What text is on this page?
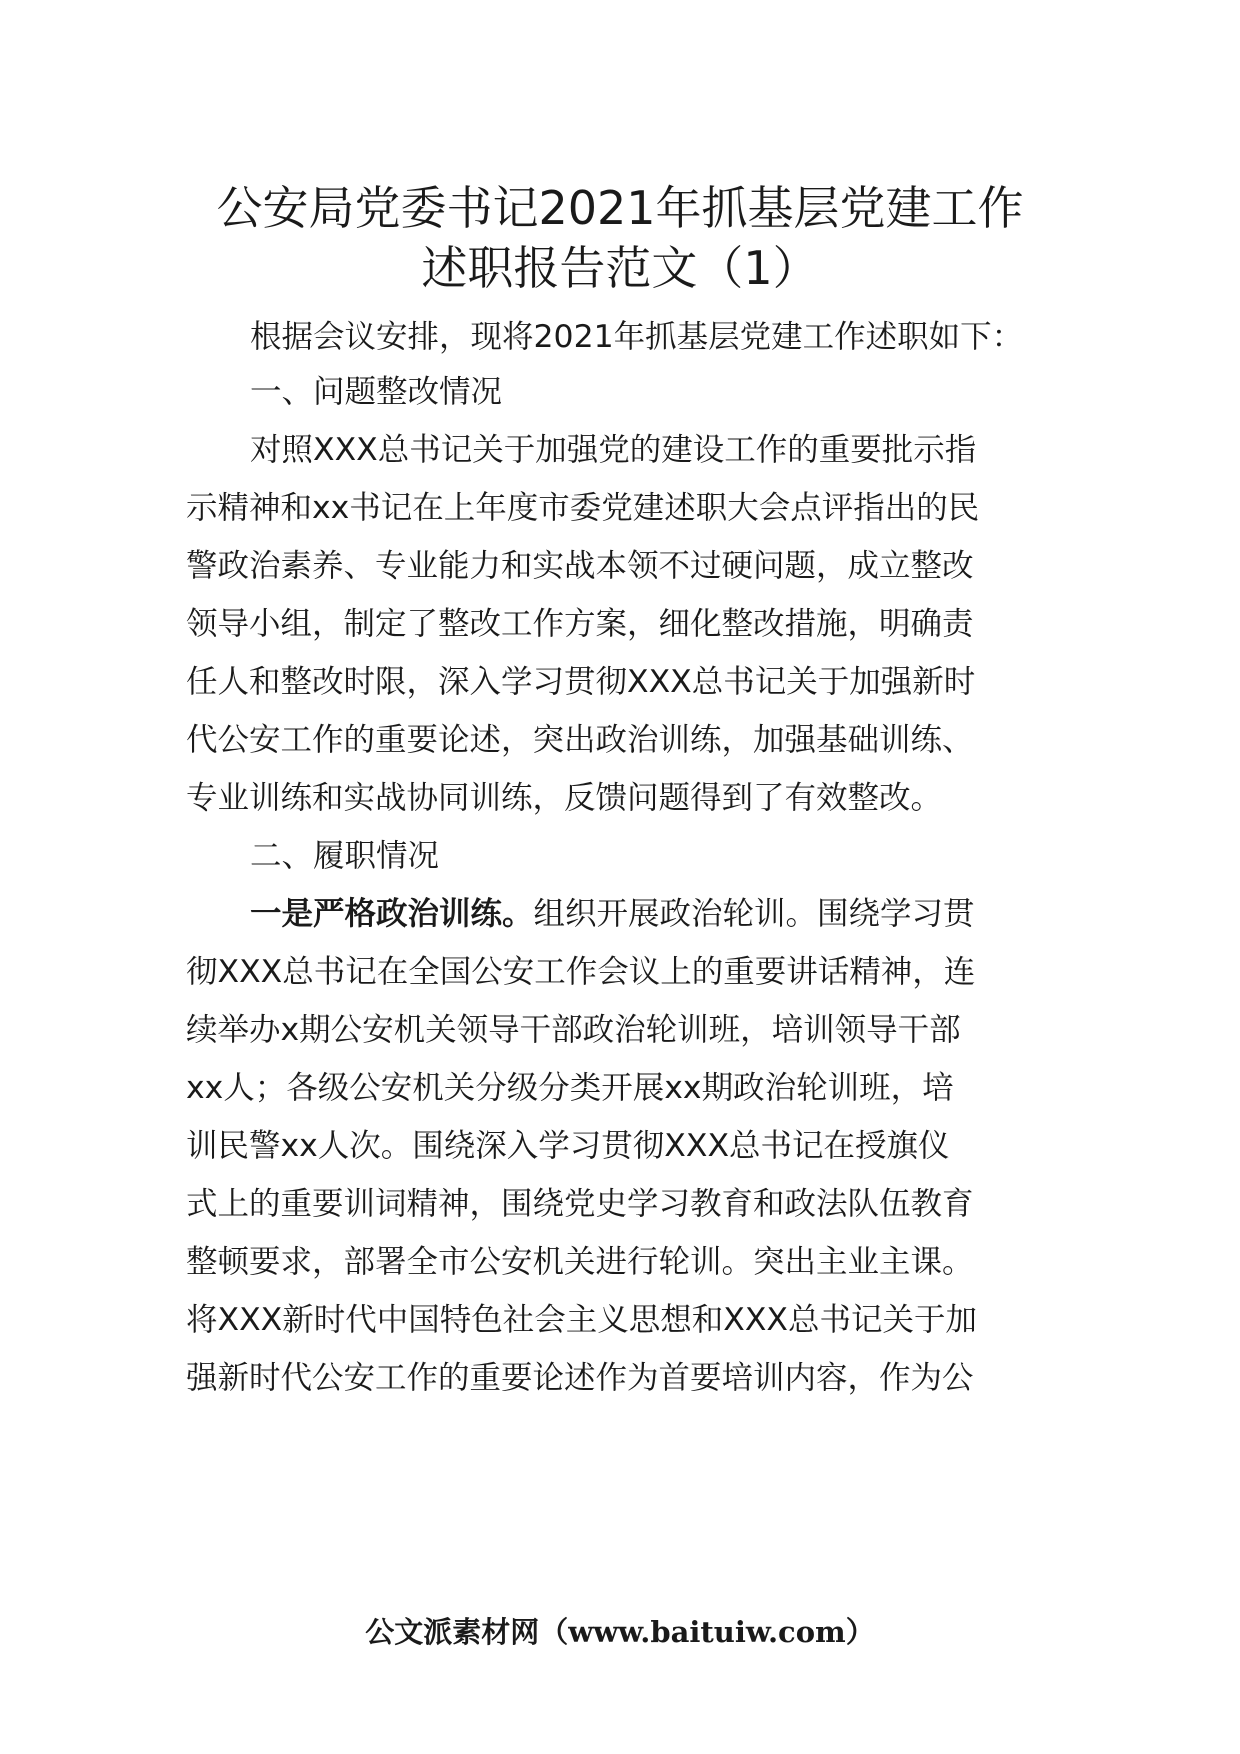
公安局党委书记2021年抓基层党建工作
述职报告范文（1）

根据会议安排，现将2021年抓基层党建工作述职如下：

一、问题整改情况

对照XXX总书记关于加强党的建设工作的重要批示指

示精神和xx书记在上年度市委党建述职大会点评指出的民

警政治素养、专业能力和实战本领不过硬问题，成立整改

领导小组，制定了整改工作方案，细化整改措施，明确责

任人和整改时限，深入学习贯彻XXX总书记关于加强新时

代公安工作的重要论述，突出政治训练，加强基础训练、

专业训练和实战协同训练，反馈问题得到了有效整改。

二、履职情况

一是严格政治训练。组织开展政治轮训。围绕学习贯

彻XXX总书记在全国公安工作会议上的重要讲话精神，连

续举办x期公安机关领导干部政治轮训班，培训领导干部

xx人；各级公安机关分级分类开展xx期政治轮训班，培

训民警xx人次。围绕深入学习贯彻XXX总书记在授旗仪

式上的重要训词精神，围绕党史学习教育和政法队伍教育

整顿要求，部署全市公安机关进行轮训。突出主业主课。

将XXX新时代中国特色社会主义思想和XXX总书记关于加

强新时代公安工作的重要论述作为首要培训内容，作为公

公文派素材网（www.baituiw.com）
